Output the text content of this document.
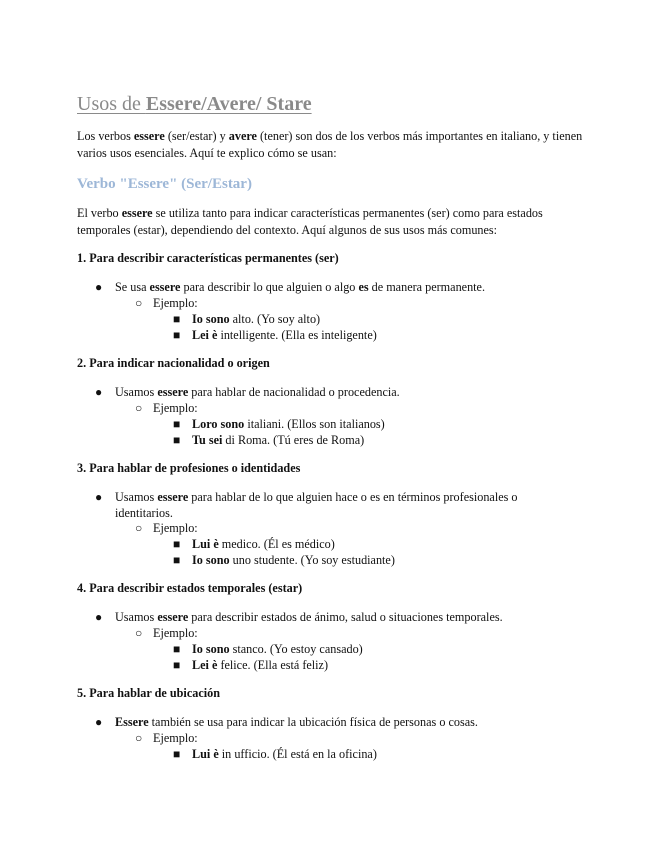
Usos de Essere/Avere/ Stare

Los verbos essere (ser/estar) y avere (tener) son dos de los verbos más importantes en italiano, y tienen varios usos esenciales. Aquí te explico cómo se usan:

Verbo "Essere" (Ser/Estar)

El verbo essere se utiliza tanto para indicar características permanentes (ser) como para estados temporales (estar), dependiendo del contexto. Aquí algunos de sus usos más comunes:

1. Para describir características permanentes (ser)
● Se usa essere para describir lo que alguien o algo es de manera permanente.
○ Ejemplo:
■ Io sono alto. (Yo soy alto)
■ Lei è intelligente. (Ella es inteligente)
2. Para indicar nacionalidad o origen
● Usamos essere para hablar de nacionalidad o procedencia.
○ Ejemplo:
■ Loro sono italiani. (Ellos son italianos)
■ Tu sei di Roma. (Tú eres de Roma)
3. Para hablar de profesiones o identidades
● Usamos essere para hablar de lo que alguien hace o es en términos profesionales o identitarios.
○ Ejemplo:
■ Lui è medico. (Él es médico)
■ Io sono uno studente. (Yo soy estudiante)
4. Para describir estados temporales (estar)
● Usamos essere para describir estados de ánimo, salud o situaciones temporales.
○ Ejemplo:
■ Io sono stanco. (Yo estoy cansado)
■ Lei è felice. (Ella está feliz)
5. Para hablar de ubicación
● Essere también se usa para indicar la ubicación física de personas o cosas.
○ Ejemplo:
■ Lui è in ufficio. (Él está en la oficina)
